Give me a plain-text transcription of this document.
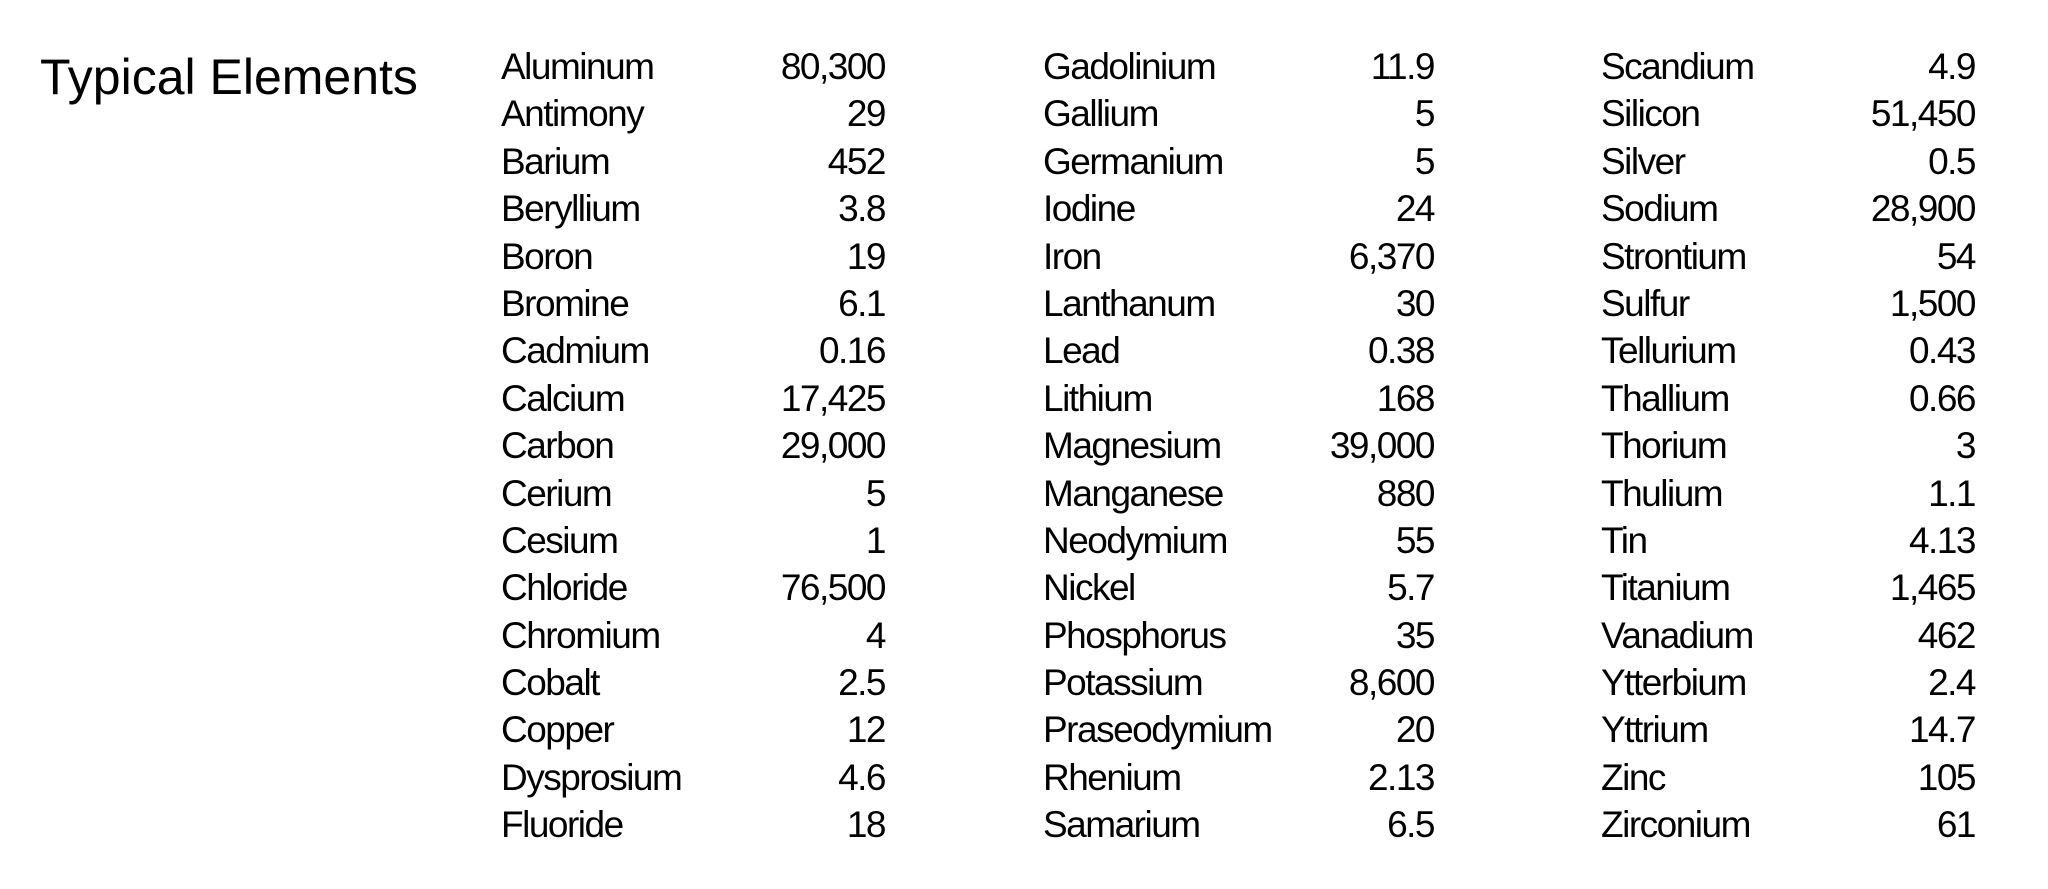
Typical Elements Aluminum	80,300
Antimony	29
Barium	452
Beryllium	3.8
Boron	19
Bromine	6.1
Cadmium	0.16
Calcium	17,425
Carbon	29,000
Cerium	5
Cesium	1
Chloride	76,500
Chromium	4
Cobalt	2.5
Copper	12
Dysprosium	4.6
Fluoride	18
Gadolinium	11.9
Gallium	5
Germanium	5
Iodine	24
Iron	6,370
Lanthanum	30
Lead	0.38
Lithium	168
Magnesium	39,000
Manganese	880
Neodymium	55
Nickel	5.7
Phosphorus	35
Potassium	8,600
Praseodymium	20
Rhenium	2.13
Samarium	6.5
Scandium	4.9
Silicon	51,450
Silver	0.5
Sodium	28,900
Strontium	54
Sulfur	1,500
Tellurium	0.43
Thallium	0.66
Thorium	3
Thulium	1.1
Tin	4.13
Titanium	1,465
Vanadium	462
Ytterbium	2.4
Yttrium	14.7
Zinc	105
Zirconium	61
